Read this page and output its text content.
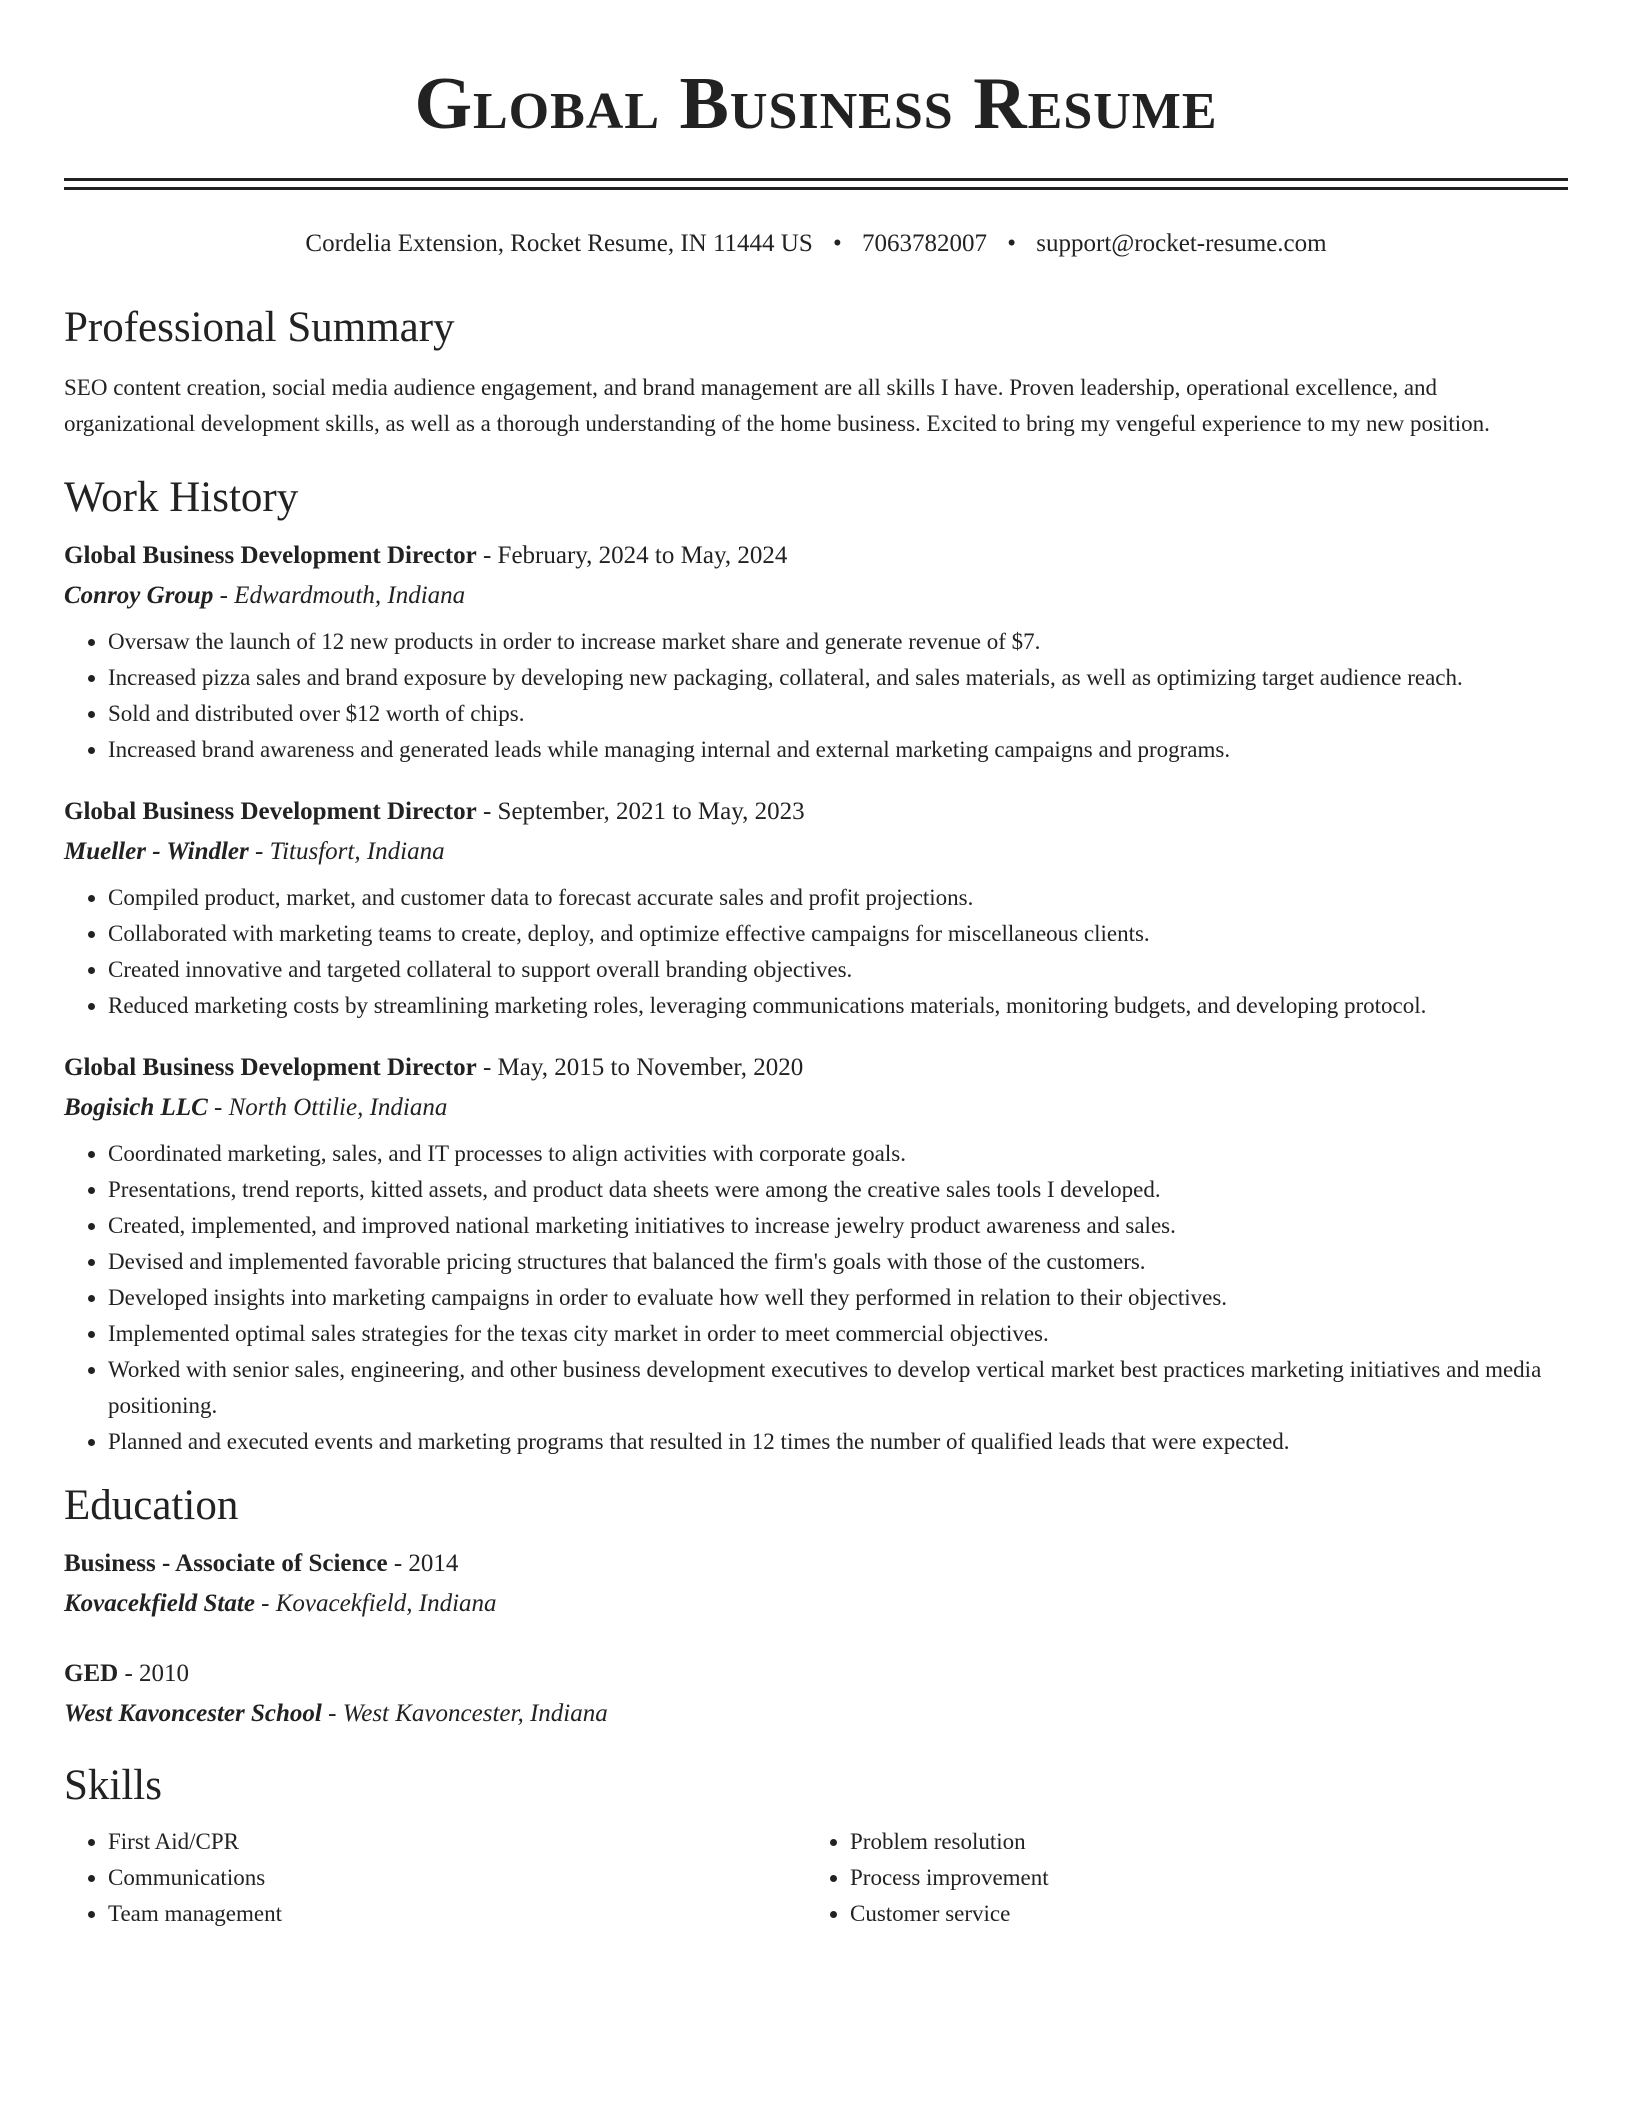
Global Business Resume
Cordelia Extension, Rocket Resume, IN 11444 US • 7063782007 • support@rocket-resume.com
Professional Summary

SEO content creation, social media audience engagement, and brand management are all skills I have. Proven leadership, operational excellence, and organizational development skills, as well as a thorough understanding of the home business. Excited to bring my vengeful experience to my new position.

Work History
Global Business Development Director - February, 2024 to May, 2024
Conroy Group - Edwardmouth, Indiana
• Oversaw the launch of 12 new products in order to increase market share and generate revenue of $7.
• Increased pizza sales and brand exposure by developing new packaging, collateral, and sales materials, as well as optimizing target audience reach.
• Sold and distributed over $12 worth of chips.
• Increased brand awareness and generated leads while managing internal and external marketing campaigns and programs.
Global Business Development Director - September, 2021 to May, 2023
Mueller - Windler - Titusfort, Indiana
• Compiled product, market, and customer data to forecast accurate sales and profit projections.
• Collaborated with marketing teams to create, deploy, and optimize effective campaigns for miscellaneous clients.
• Created innovative and targeted collateral to support overall branding objectives.
• Reduced marketing costs by streamlining marketing roles, leveraging communications materials, monitoring budgets, and developing protocol.
Global Business Development Director - May, 2015 to November, 2020
Bogisich LLC - North Ottilie, Indiana
• Coordinated marketing, sales, and IT processes to align activities with corporate goals.
• Presentations, trend reports, kitted assets, and product data sheets were among the creative sales tools I developed.
• Created, implemented, and improved national marketing initiatives to increase jewelry product awareness and sales.
• Devised and implemented favorable pricing structures that balanced the firm's goals with those of the customers.
• Developed insights into marketing campaigns in order to evaluate how well they performed in relation to their objectives.
• Implemented optimal sales strategies for the texas city market in order to meet commercial objectives.
• Worked with senior sales, engineering, and other business development executives to develop vertical market best practices marketing initiatives and media positioning.
• Planned and executed events and marketing programs that resulted in 12 times the number of qualified leads that were expected.
Education
Business - Associate of Science - 2014
Kovacekfield State - Kovacekfield, Indiana
GED - 2010
West Kavoncester School - West Kavoncester, Indiana
Skills
• First Aid/CPR
• Communications
• Team management
• Problem resolution
• Process improvement
• Customer service
